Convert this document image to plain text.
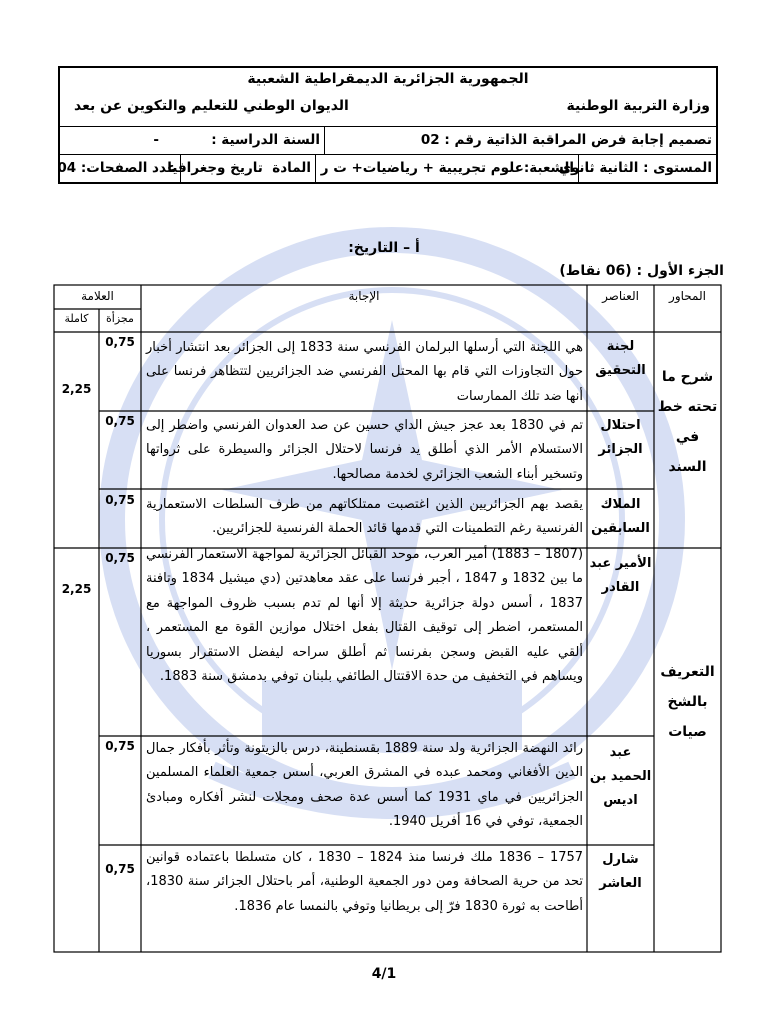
الجمهورية الجزائرية الديمقراطية الشعبية
وزارة التربية الوطنية
الديوان الوطني للتعليم والتكوين عن بعد
تصميم إجابة فرض المراقبة الذاتية رقم :

02
السنة الدراسية :
-
المستوى : الثانية ثانوي
الشعبة:علوم تجريبية + رياضيات+ ت ر
المادة

تاريخ وجغرافيا
عدد الصفحات:

04
أ – التاريخ:
الجزء الأول : (06 نقاط)
المحاور
العناصر
الإجابة
العلامة
مجزأة
كاملة
شرح ما تحته خط في السند
2,25
لجنة التحقيق
هي اللجنة التي أرسلها البرلمان الفرنسي سنة 1833 إلى الجزائر بعد انتشار أخبار حول التجاوزات التي قام بها المحتل الفرنسي ضد الجزائريين لتتظاهر فرنسا على أنها ضد تلك الممارسات
0,75
احتلال الجزائر
تم في 1830 بعد عجز جيش الداي حسين عن صد العدوان الفرنسي واضطر إلى الاستسلام الأمر الذي أطلق يد فرنسا لاحتلال الجزائر والسيطرة على ثرواتها وتسخير أبناء الشعب الجزائري لخدمة مصالحها.
0,75
الملاك السابقين
يقصد بهم الجزائريين الذين اغتصبت ممتلكاتهم من طرف السلطات الاستعمارية الفرنسية رغم التطمينات التي قدمها قائد الحملة الفرنسية للجزائريين.
0,75
التعريف بالشخ صيات
2,25
الأمير عبد القادر
(1807 – 1883) أمير العرب، موحد القبائل الجزائرية لمواجهة الاستعمار الفرنسي ما بين 1832 و 1847 ، أجبر فرنسا على عقد معاهدتين (دي ميشيل 1834 وتافنة 1837 ، أسس دولة جزائرية حديثة إلا أنها لم تدم بسبب ظروف المواجهة مع المستعمر، اضطر إلى توقيف القتال بفعل اختلال موازين القوة مع المستعمر ، ألقي عليه القبض وسجن بفرنسا ثم أطلق سراحه ليفضل الاستقرار بسوريا ويساهم في التخفيف من حدة الاقتتال الطائفي بلبنان توفي بدمشق سنة 1883.
0,75
عبد الحميد بن اديس
رائد النهضة الجزائرية ولد سنة 1889 بقسنطينة، درس بالزيتونة وتأثر بأفكار جمال الدين الأفغاني ومحمد عبده في المشرق العربي، أسس جمعية العلماء المسلمين الجزائريين في ماي 1931 كما أسس عدة صحف ومجلات لنشر أفكاره ومبادئ الجمعية، توفي في 16 أفريل 1940.
0,75
شارل العاشر
1757 – 1836 ملك فرنسا منذ 1824 – 1830 ، كان متسلطا باعتماده قوانين تحد من حرية الصحافة ومن دور الجمعية الوطنية، أمر باحتلال الجزائر سنة 1830، أطاحت به ثورة 1830 فرّ إلى بريطانيا وتوفي بالنمسا عام 1836.
0,75
4/1
